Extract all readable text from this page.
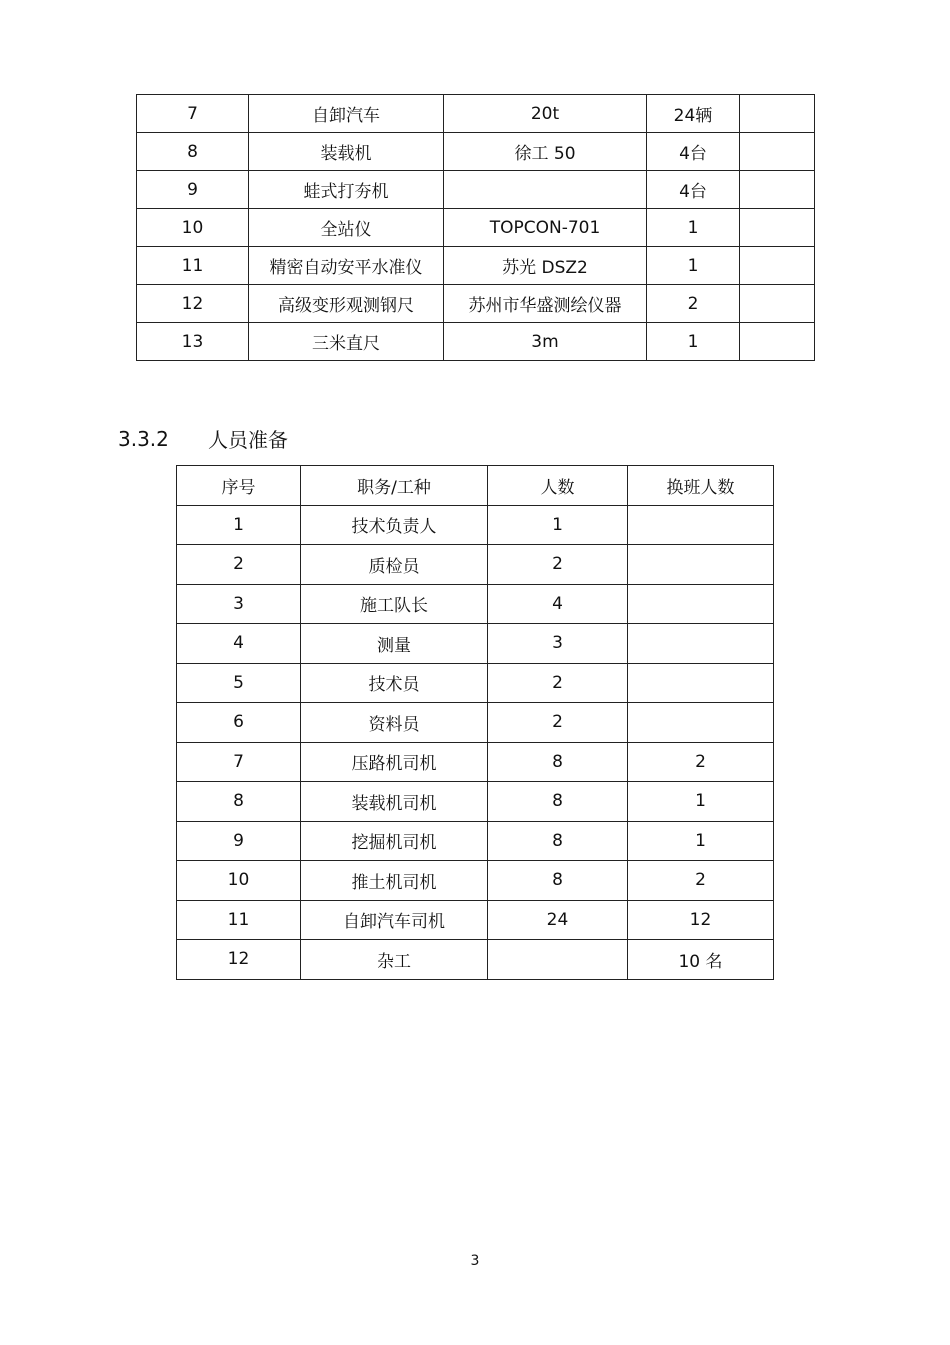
7	自卸汽车	20t	24辆	
8	装载机	徐工 50	4台	
9	蛙式打夯机		4台	
10	全站仪	TOPCON-701	1	
11	精密自动安平水准仪	苏光 DSZ2	1	
12	高级变形观测钢尺	苏州市华盛测绘仪器	2	
13	三米直尺	3m	1	
3.3.2	人员准备
序号	职务/工种	人数	换班人数
1	技术负责人	1	
2	质检员	2	
3	施工队长	4	
4	测量	3	
5	技术员	2	
6	资料员	2	
7	压路机司机	8	2
8	装载机司机	8	1
9	挖掘机司机	8	1
10	推土机司机	8	2
11	自卸汽车司机	24	12
12	杂工		10 名
3
